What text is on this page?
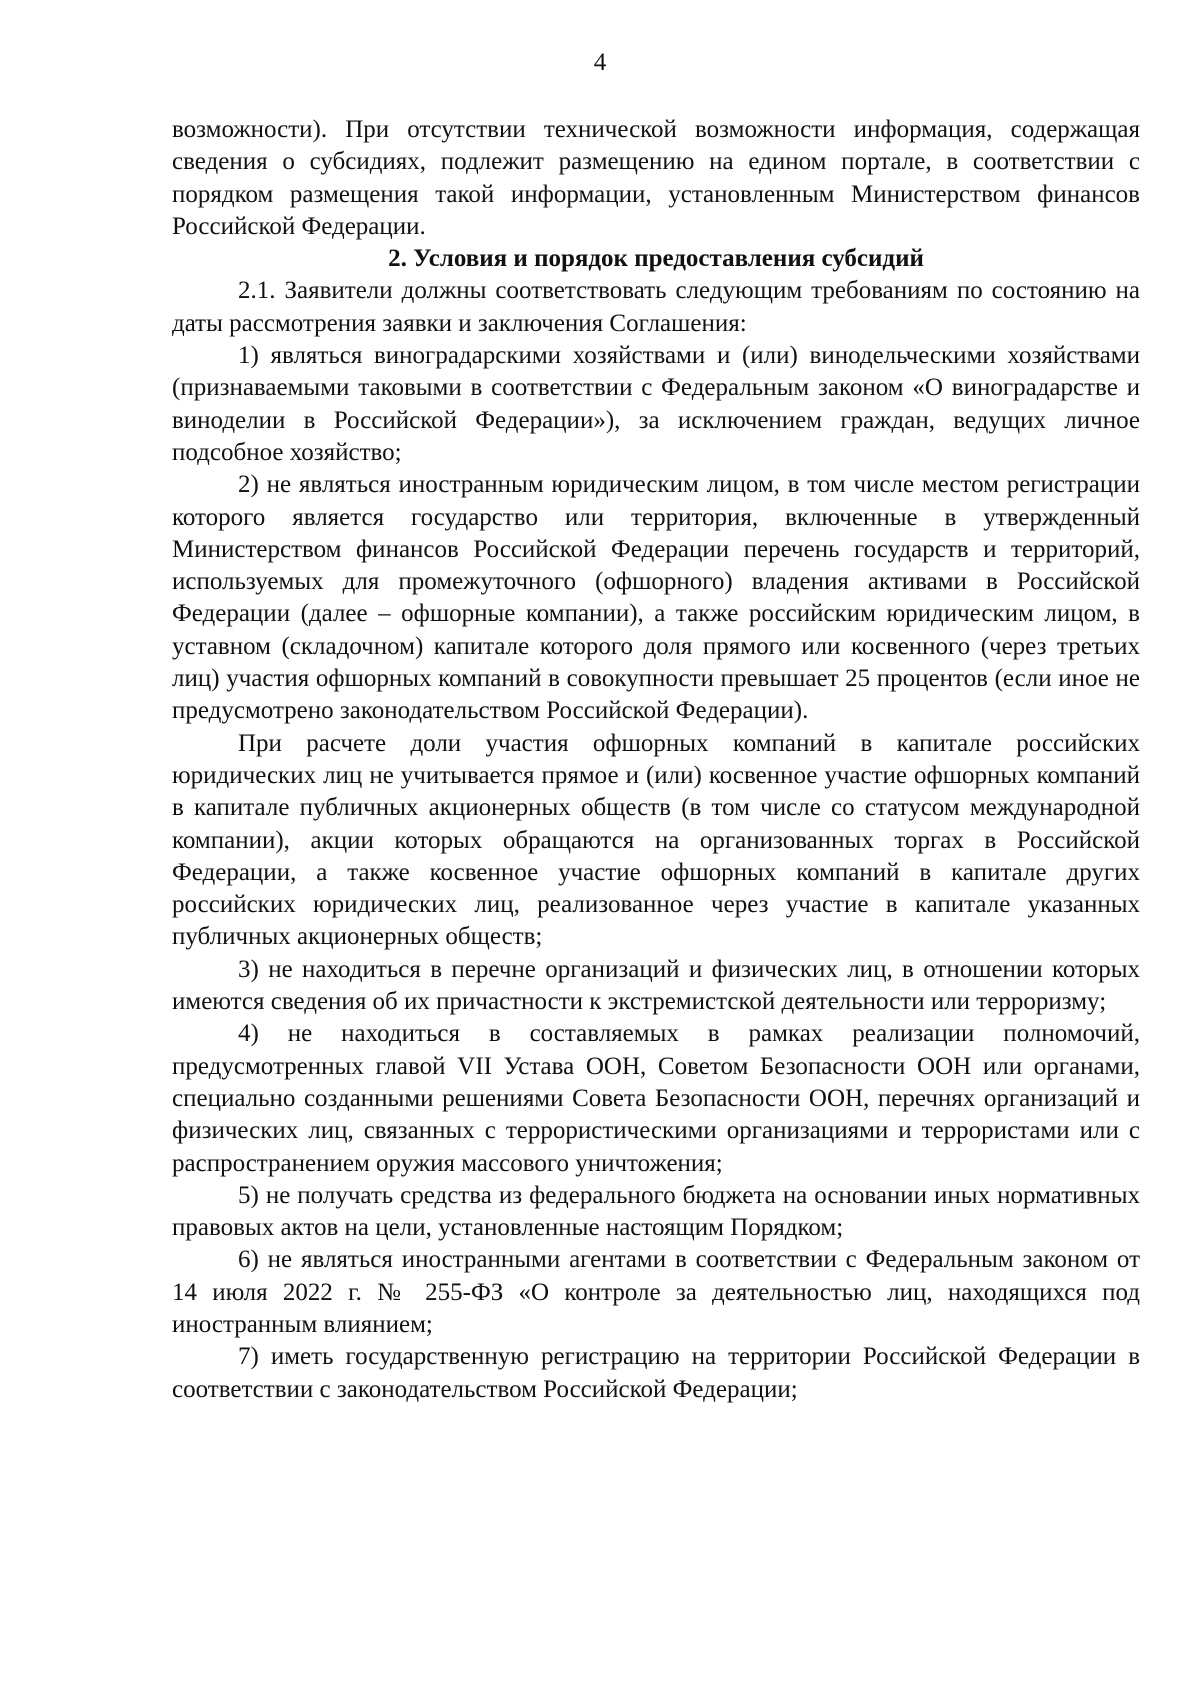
4

возможности). При отсутствии технической возможности информация, содержащая сведения о субсидиях, подлежит размещению на едином портале, в соответствии с порядком размещения такой информации, установленным Министерством финансов Российской Федерации.

2. Условия и порядок предоставления субсидий

2.1. Заявители должны соответствовать следующим требованиям по состоянию на даты рассмотрения заявки и заключения Соглашения:

1) являться виноградарскими хозяйствами и (или) винодельческими хозяйствами (признаваемыми таковыми в соответствии с Федеральным законом «О виноградарстве и виноделии в Российской Федерации»), за исключением граждан, ведущих личное подсобное хозяйство;

2) не являться иностранным юридическим лицом, в том числе местом регистрации которого является государство или территория, включенные в утвержденный Министерством финансов Российской Федерации перечень государств и территорий, используемых для промежуточного (офшорного) владения активами в Российской Федерации (далее – офшорные компании), а также российским юридическим лицом, в уставном (складочном) капитале которого доля прямого или косвенного (через третьих лиц) участия офшорных компаний в совокупности превышает 25 процентов (если иное не предусмотрено законодательством Российской Федерации).

При расчете доли участия офшорных компаний в капитале российских юридических лиц не учитывается прямое и (или) косвенное участие офшорных компаний в капитале публичных акционерных обществ (в том числе со статусом международной компании), акции которых обращаются на организованных торгах в Российской Федерации, а также косвенное участие офшорных компаний в капитале других российских юридических лиц, реализованное через участие в капитале указанных публичных акционерных обществ;

3) не находиться в перечне организаций и физических лиц, в отношении которых имеются сведения об их причастности к экстремистской деятельности или терроризму;

4) не находиться в составляемых в рамках реализации полномочий, предусмотренных главой VII Устава ООН, Советом Безопасности ООН или органами, специально созданными решениями Совета Безопасности ООН, перечнях организаций и физических лиц, связанных с террористическими организациями и террористами или с распространением оружия массового уничтожения;

5) не получать средства из федерального бюджета на основании иных нормативных правовых актов на цели, установленные настоящим Порядком;

6) не являться иностранными агентами в соответствии с Федеральным законом от 14 июля 2022 г. № 255-ФЗ «О контроле за деятельностью лиц, находящихся под иностранным влиянием;

7) иметь государственную регистрацию на территории Российской Федерации в соответствии с законодательством Российской Федерации;
